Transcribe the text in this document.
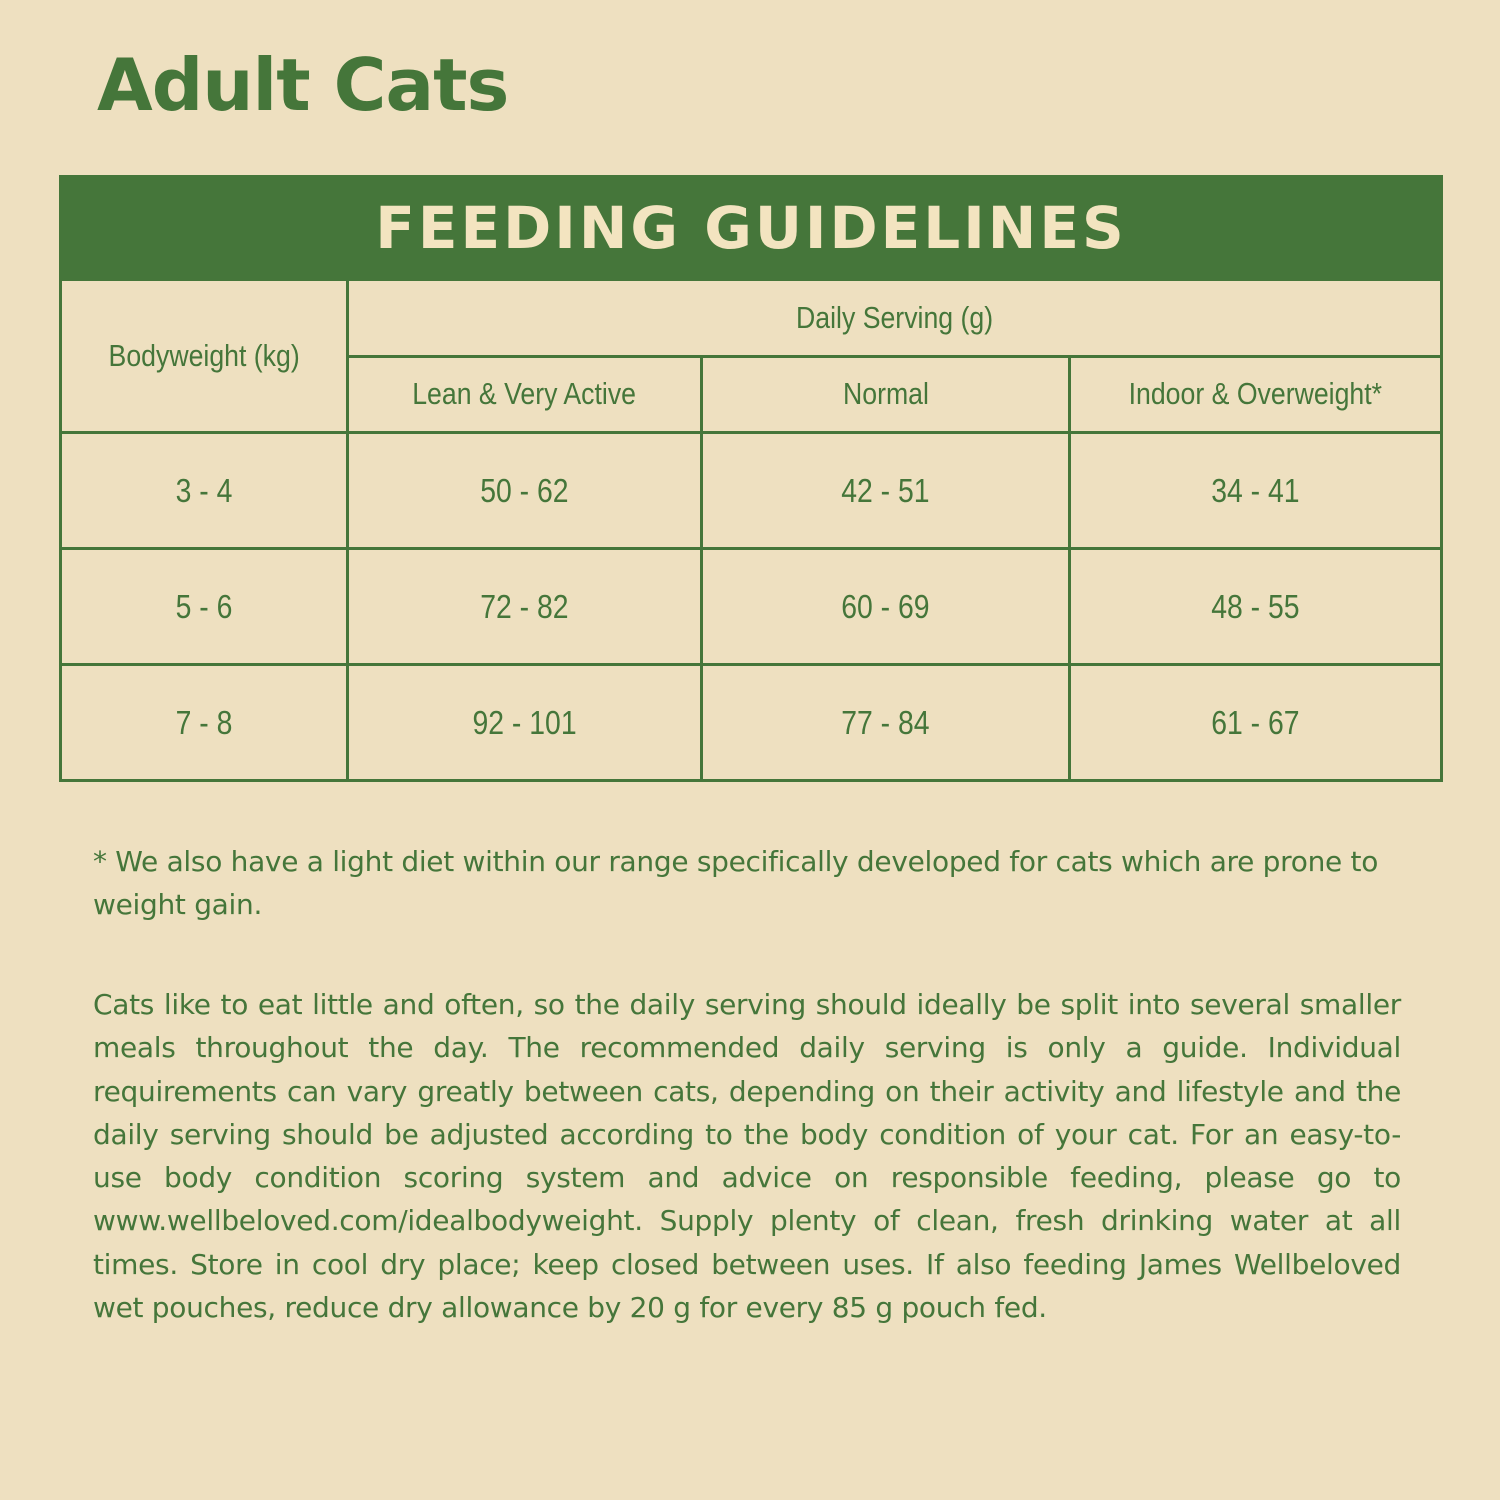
Adult Cats
FEEDING GUIDELINES			
Bodyweight (kg)	Daily Serving (g)		
	Lean & Very Active	Normal	Indoor & Overweight*
3 - 4	50 - 62	42 - 51	34 - 41
5 - 6	72 - 82	60 - 69	48 - 55
7 - 8	92 - 101	77 - 84	61 - 67

* We also have a light diet within our range specifically developed for cats which are prone to weight gain.

Cats like to eat little and often, so the daily serving should ideally be split into several smaller meals throughout the day. The recommended daily serving is only a guide. Individual requirements can vary greatly between cats, depending on their activity and lifestyle and the daily serving should be adjusted according to the body condition of your cat. For an easy-to-use body condition scoring system and advice on responsible feeding, please go to www.wellbeloved.com/idealbodyweight. Supply plenty of clean, fresh drinking water at all times. Store in cool dry place; keep closed between uses. If also feeding James Wellbeloved wet pouches, reduce dry allowance by 20 g for every 85 g pouch fed.
